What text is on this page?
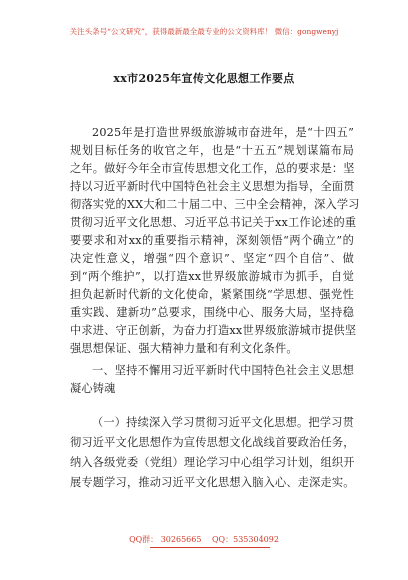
关注头条号“公文研究”，获得最新最全最专业的公文资料库！ 微信：gongwenyj
xx市2025年宣传文化思想工作要点
2025年是打造世界级旅游城市奋进年，是“十四五”
规划目标任务的收官之年，也是“十五五”规划谋篇布局
之年。做好今年全市宣传思想文化工作，总的要求是：坚
持以习近平新时代中国特色社会主义思想为指导，全面贯
彻落实党的XX大和二十届二中、三中全会精神，深入学习
贯彻习近平文化思想、习近平总书记关于xx工作论述的重
要要求和对xx的重要指示精神，深刻领悟“两个确立”的
决定性意义，增强“四个意识”、坚定“四个自信”、做
到“两个维护”，以打造xx世界级旅游城市为抓手，自觉
担负起新时代新的文化使命，紧紧围绕“学思想、强党性
重实践、建新功”总要求，围绕中心、服务大局，坚持稳
中求进、守正创新，为奋力打造xx世界级旅游城市提供坚
强思想保证、强大精神力量和有利文化条件。
一、坚持不懈用习近平新时代中国特色社会主义思想
凝心铸魂
（一）持续深入学习贯彻习近平文化思想。把学习贯
彻习近平文化思想作为宣传思想文化战线首要政治任务，
纳入各级党委（党组）理论学习中心组学习计划，组织开
展专题学习，推动习近平文化思想入脑入心、走深走实。
QQ群： 30265665 QQ：535304092
